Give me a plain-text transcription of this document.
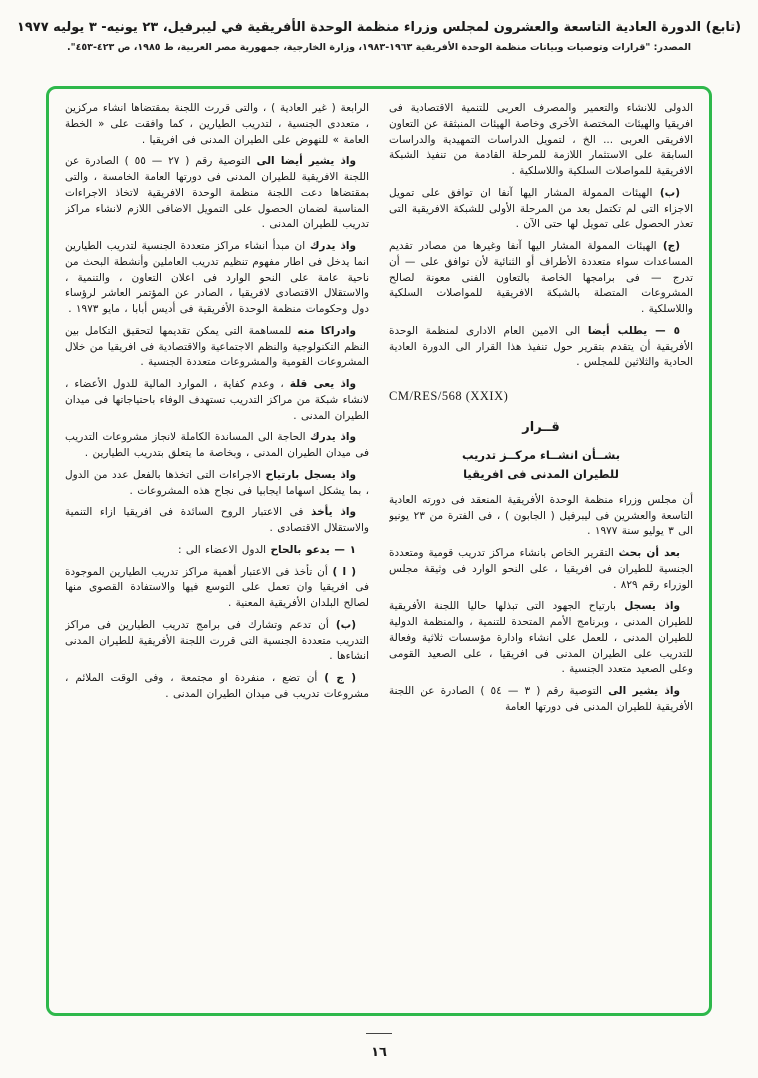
(تابع) الدورة العادية التاسعة والعشرون لمجلس وزراء منظمة الوحدة الأفريقية في ليبرفيل، ٢٣ يونيه- ٣ يوليه ١٩٧٧
المصدر: "قرارات وتوصيات وبيانات منظمة الوحدة الأفريقية ١٩٦٣-١٩٨٣، وزارة الخارجية، جمهورية مصر العربية، ط ١٩٨٥، ص ٤٢٣-٤٥٣".

الدولى للانشاء والتعمير والمصرف العربى للتنمية الاقتصادية فى افريقيا والهيئات المختصة الأخرى وخاصة الهيئات المنبثقة عن التعاون الافريقى العربى ... الخ ، لتمويل الدراسات التمهيدية والدراسات السابقة على الاستثمار اللازمة للمرحلة القادمة من تنفيذ الشبكة الافريقية للمواصلات السلكية واللاسلكية .

(ب) الهيئات الممولة المشار اليها آنفا ان توافق على تمويل الاجزاء التى لم تكتمل بعد من المرحلة الأولى للشبكة الافريقية التى تعذر الحصول على تمويل لها حتى الآن .

(ج) الهيئات الممولة المشار اليها آنفا وغيرها من مصادر تقديم المساعدات سواء متعددة الأطراف أو الثنائية لأن توافق على — أن تدرج — فى برامجها الخاصة بالتعاون الفنى معونة لصالح المشروعات المتصلة بالشبكة الافريقية للمواصلات السلكية واللاسلكية .

٥ — يطلب أيضا الى الامين العام الادارى لمنظمة الوحدة الأفريقية أن يتقدم بتقرير حول تنفيذ هذا القرار الى الدورة العادية الحادية والثلاثين للمجلس .

CM/RES/568 (XXIX)
قــرار
بشــأن انشــاء مركــز تدريب
للطيران المدنى فى افريقيا

أن مجلس وزراء منظمة الوحدة الأفريقية المنعقد فى دورته العادية التاسعة والعشرين فى ليبرفيل ( الجابون ) ، فى الفترة من ٢٣ يونيو الى ٣ يوليو سنة ١٩٧٧ .

بعد أن بحث التقرير الخاص بانشاء مراكز تدريب قومية ومتعددة الجنسية للطيران فى افريقيا ، على النحو الوارد فى وثيقة مجلس الوزراء رقم ٨٢٩ .

واذ يسجل بارتياح الجهود التى تبذلها حاليا اللجنة الأفريقية للطيران المدنى ، وبرنامج الأمم المتحدة للتنمية ، والمنظمة الدولية للطيران المدنى ، للعمل على انشاء وادارة مؤسسات ثلاثية وفعالة للتدريب على الطيران المدنى فى افريقيا ، على الصعيد القومى وعلى الصعيد متعدد الجنسية .

واذ يشير الى التوصية رقم ( ٣ — ٥٤ ) الصادرة عن اللجنة الأفريقية للطيران المدنى فى دورتها العامة

الرابعة ( غير العادية ) ، والتى قررت اللجنة بمقتضاها انشاء مركزين ، متعددى الجنسية ، لتدريب الطيارين ، كما وافقت على « الخطة العامة » للنهوض على الطيران المدنى فى افريقيا .

واذ يشير أيضا الى التوصية رقم ( ٢٧ — ٥٥ ) الصادرة عن اللجنة الافريقية للطيران المدنى فى دورتها العامة الخامسة ، والتى بمقتضاها دعت اللجنة منظمة الوحدة الافريقية لاتخاذ الاجراءات المناسبة لضمان الحصول على التمويل الاضافى اللازم لانشاء مراكز تدريب للطيران المدنى .

واذ يدرك ان مبدأ انشاء مراكز متعددة الجنسية لتدريب الطيارين انما يدخل فى اطار مفهوم تنظيم تدريب العاملين وأنشطة البحث من ناحية عامة على النحو الوارد فى اعلان التعاون ، والتنمية ، والاستقلال الاقتصادى لافريقيا ، الصادر عن المؤتمر العاشر لرؤساء دول وحكومات منظمة الوحدة الأفريقية فى أديس أبابا ، مايو ١٩٧٣ .

وادراكا منه للمساهمة التى يمكن تقديمها لتحقيق التكامل بين النظم التكنولوجية والنظم الاجتماعية والاقتصادية فى افريقيا من خلال المشروعات القومية والمشروعات متعددة الجنسية .

واذ يعى قلة ، وعدم كفاية ، الموارد المالية للدول الأعضاء ، لانشاء شبكة من مراكز التدريب تستهدف الوفاء باحتياجاتها فى ميدان الطيران المدنى .

واذ يدرك الحاجة الى المساندة الكاملة لانجاز مشروعات التدريب فى ميدان الطيران المدنى ، وبخاصة ما يتعلق بتدريب الطيارين .

واذ يسجل بارتياح الاجراءات التى اتخذها بالفعل عدد من الدول ، بما يشكل اسهاما ايجابيا فى نجاح هذه المشروعات .

واذ يأخذ فى الاعتبار الروح السائدة فى افريقيا ازاء التنمية والاستقلال الاقتصادى .

١ — يدعو بالحاح الدول الاعضاء الى :

( ا ) أن تأخذ فى الاعتبار أهمية مراكز تدريب الطيارين الموجودة فى افريقيا وان تعمل على التوسع فيها والاستفادة القصوى منها لصالح البلدان الأفريقية المعنية .

(ب) أن تدعم وتشارك فى برامج تدريب الطيارين فى مراكز التدريب متعددة الجنسية التى قررت اللجنة الأفريقية للطيران المدنى انشاءها .

( ج ) أن تضع ، منفردة او مجتمعة ، وفى الوقت الملائم ، مشروعات تدريب فى ميدان الطيران المدنى .

١٦
